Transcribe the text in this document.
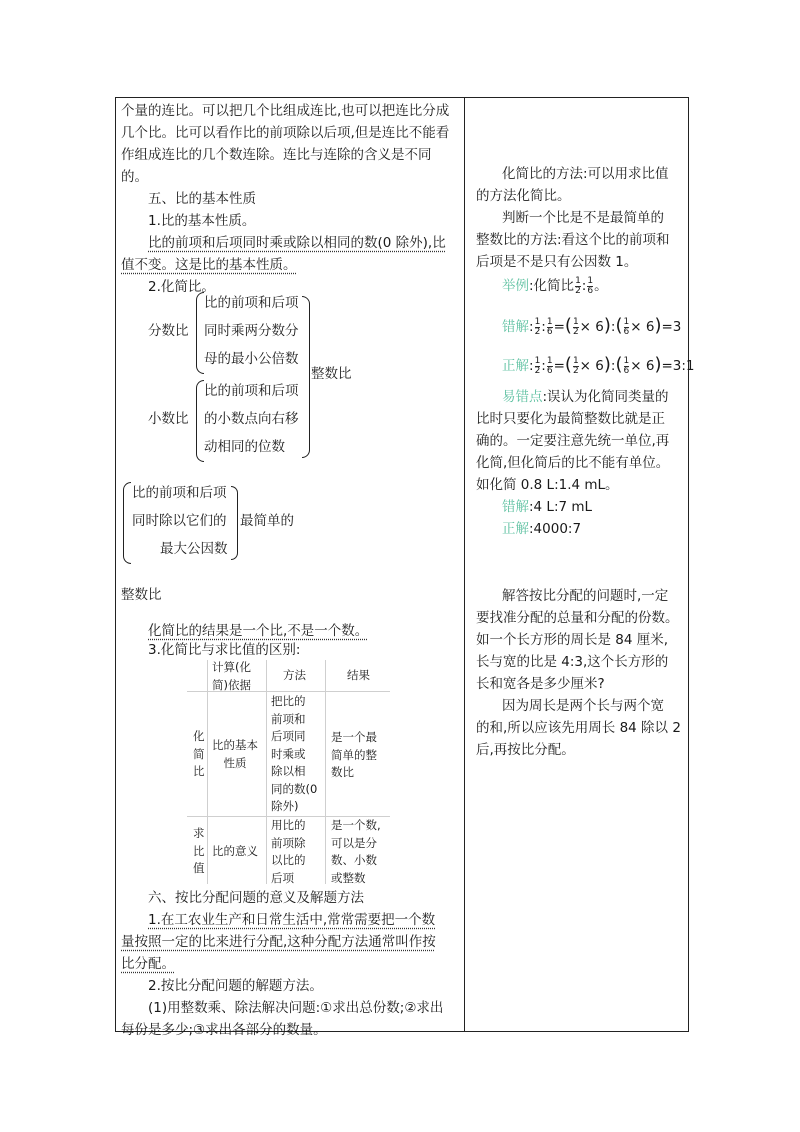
个量的连比。可以把几个比组成连比,也可以把连比分成
几个比。比可以看作比的前项除以后项,但是连比不能看
作组成连比的几个数连除。连比与连除的含义是不同
的。
五、比的基本性质
1.比的基本性质。
比的前项和后项同时乘或除以相同的数(0 除外),比
值不变。这是比的基本性质。
2.化简比。
分数比
比的前项和后项
同时乘两分数分
母的最小公倍数
小数比
比的前项和后项
的小数点向右移
动相同的位数
整数比
比的前项和后项
同时除以它们的
最大公因数
最简单的
整数比
化简比的结果是一个比,不是一个数。
3.化简比与求比值的区别:
计算(化
简)依据
方法	结果
化
简
比
比的基本
性质
把比的
前项和
后项同
时乘或
除以相
同的数(0
除外)
是一个最
简单的整
数比
求
比
值
比的意义
用比的
前项除
以比的
后项
是一个数,
可以是分
数、小数
或整数
六、按比分配问题的意义及解题方法
1.在工农业生产和日常生活中,常常需要把一个数
量按照一定的比来进行分配,这种分配方法通常叫作按
比分配。
2.按比分配问题的解题方法。
(1)用整数乘、除法解决问题:①求出总份数;②求出
每份是多少;③求出各部分的数量。
化简比的方法:可以用求比值
的方法化简比。
判断一个比是不是最简单的
整数比的方法:看这个比的前项和
后项是不是只有公因数 1。
举例:化简比 $\frac{1}{2}$ : $\frac{1}{6}$ 。
错解: $\frac{1}{2}$ : $\frac{1}{6}$ =( $\frac{1}{2}$ × 6):( $\frac{1}{6} \times 6)=3$
正解: $\frac{1}{2}$ : $\frac{1}{6}$ =( $\frac{1}{2}$ × 6):( $\frac{1}{6}$ × 6)=3:1
易错点:误认为化简同类量的
比时只要化为最简整数比就是正
确的。一定要注意先统一单位,再
化简,但化简后的比不能有单位。
如化简 0.8 L:1.4 mL。
错解:4 L:7 mL
正解:4000:7
解答按比分配的问题时,一定
要找准分配的总量和分配的份数。
如一个长方形的周长是 84 厘米,
长与宽的比是 4:3,这个长方形的
长和宽各是多少厘米?
因为周长是两个长与两个宽
的和,所以应该先用周长 84 除以 2
后,再按比分配。
